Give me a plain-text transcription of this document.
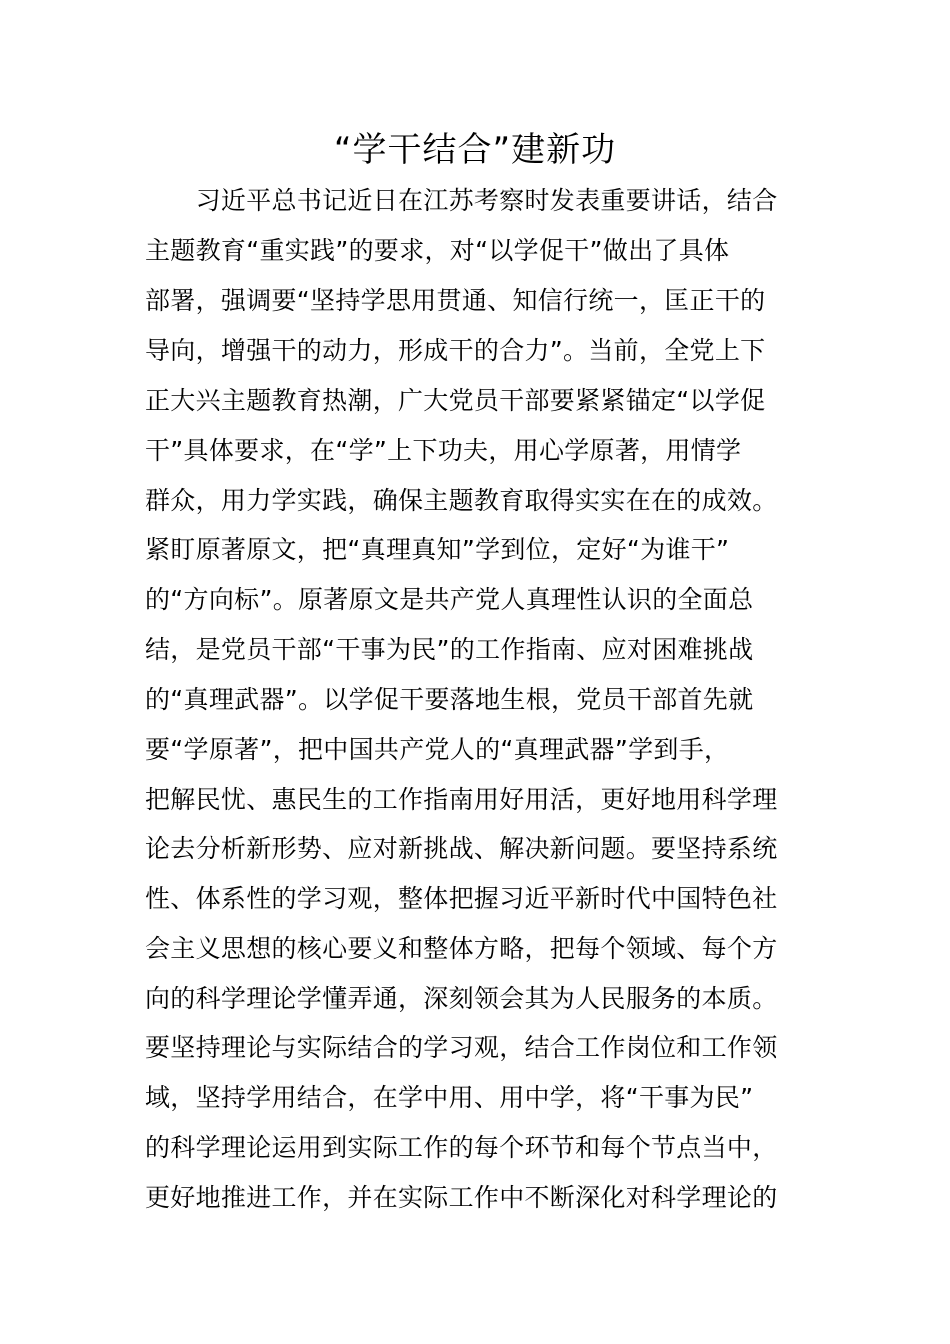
“学干结合”建新功
　　习近平总书记近日在江苏考察时发表重要讲话，结合
主题教育“重实践”的要求，对“以学促干”做出了具体
部署，强调要“坚持学思用贯通、知信行统一，匡正干的
导向，增强干的动力，形成干的合力”。当前，全党上下
正大兴主题教育热潮，广大党员干部要紧紧锚定“以学促
干”具体要求，在“学”上下功夫，用心学原著，用情学
群众，用力学实践，确保主题教育取得实实在在的成效。
紧盯原著原文，把“真理真知”学到位，定好“为谁干”
的“方向标”。原著原文是共产党人真理性认识的全面总
结，是党员干部“干事为民”的工作指南、应对困难挑战
的“真理武器”。以学促干要落地生根，党员干部首先就
要“学原著”，把中国共产党人的“真理武器”学到手，
把解民忧、惠民生的工作指南用好用活，更好地用科学理
论去分析新形势、应对新挑战、解决新问题。要坚持系统
性、体系性的学习观，整体把握习近平新时代中国特色社
会主义思想的核心要义和整体方略，把每个领域、每个方
向的科学理论学懂弄通，深刻领会其为人民服务的本质。
要坚持理论与实际结合的学习观，结合工作岗位和工作领
域，坚持学用结合，在学中用、用中学，将“干事为民”
的科学理论运用到实际工作的每个环节和每个节点当中，
更好地推进工作，并在实际工作中不断深化对科学理论的
